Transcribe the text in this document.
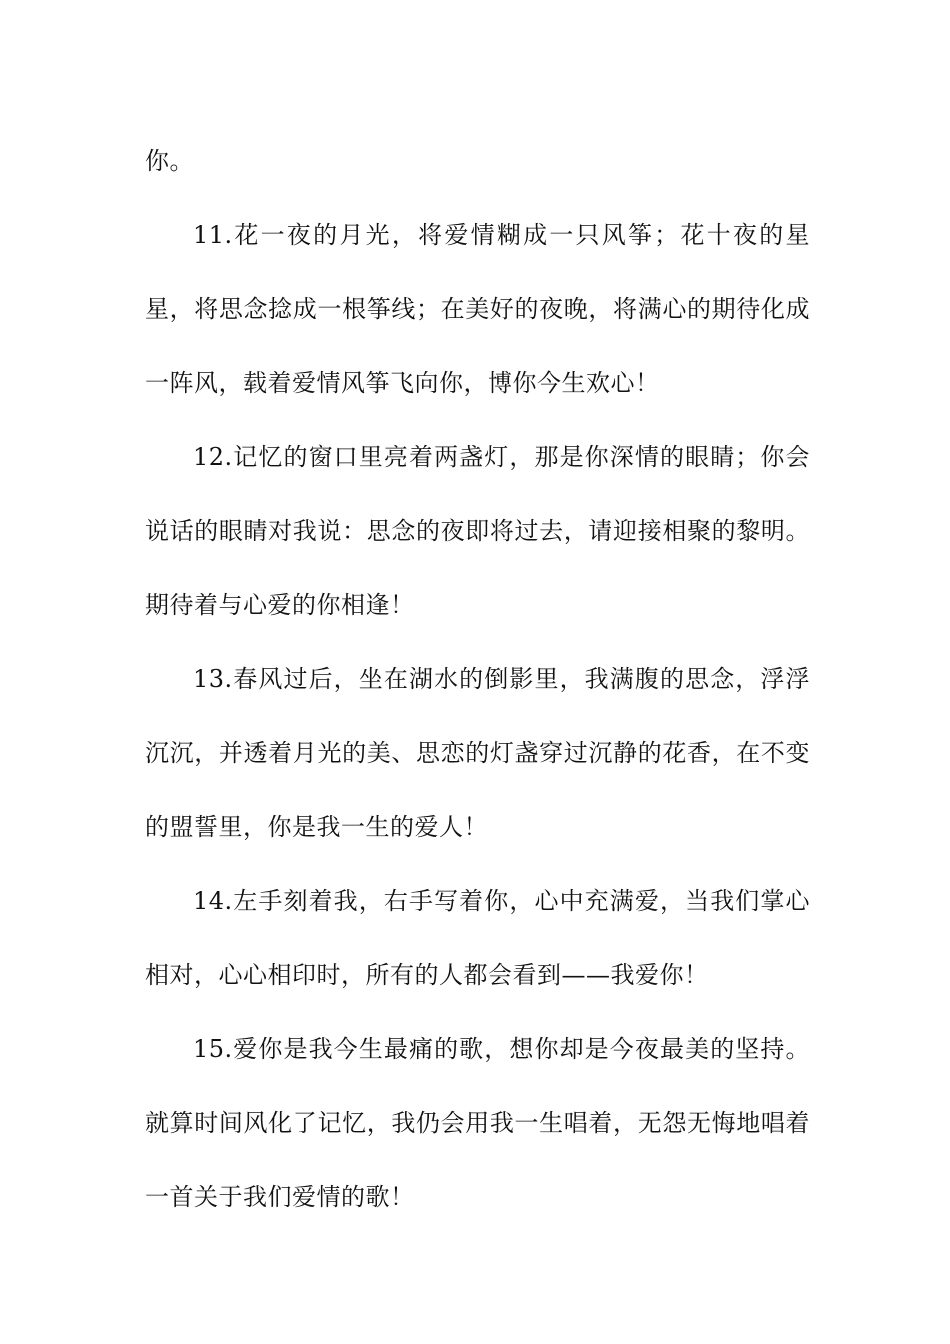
你。

11.花一夜的月光，将爱情糊成一只风筝；花十夜的星星，将思念捻成一根筝线；在美好的夜晚，将满心的期待化成一阵风，载着爱情风筝飞向你，博你今生欢心！

12.记忆的窗口里亮着两盏灯，那是你深情的眼睛；你会说话的眼睛对我说：思念的夜即将过去，请迎接相聚的黎明。期待着与心爱的你相逢！

13.春风过后，坐在湖水的倒影里，我满腹的思念，浮浮沉沉，并透着月光的美、思恋的灯盏穿过沉静的花香，在不变的盟誓里，你是我一生的爱人！

14.左手刻着我，右手写着你，心中充满爱，当我们掌心相对，心心相印时，所有的人都会看到——我爱你！

15.爱你是我今生最痛的歌，想你却是今夜最美的坚持。就算时间风化了记忆，我仍会用我一生唱着，无怨无悔地唱着一首关于我们爱情的歌！
